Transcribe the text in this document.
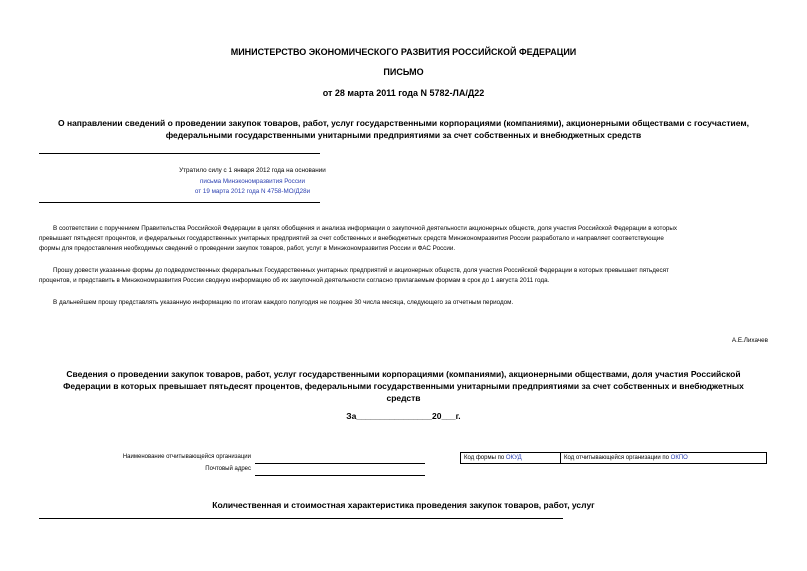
МИНИСТЕРСТВО ЭКОНОМИЧЕСКОГО РАЗВИТИЯ РОССИЙСКОЙ ФЕДЕРАЦИИ
ПИСЬМО
от 28 марта 2011 года N 5782-ЛА/Д22
О направлении сведений о проведении закупок товаров, работ, услуг государственными корпорациями (компаниями), акционерными обществами с госучастием,
федеральными государственными унитарными предприятиями за счет собственных и внебюджетных средств
Утратило силу с 1 января 2012 года на основании
письма Минэкономразвития России
от 19 марта 2012 года N 4758-МО/Д28и
В соответствии с поручением Правительства Российской Федерации в целях обобщения и анализа информации о закупочной деятельности акционерных обществ, доля участия Российской Федерации в которых
превышает пятьдесят процентов, и федеральных государственных унитарных предприятий за счет собственных и внебюджетных средств Минэкономразвития России разработало и направляет соответствующие
формы для предоставления необходимых сведений о проведении закупок товаров, работ, услуг в Минэкономразвития России и ФАС России.
Прошу довести указанные формы до подведомственных федеральных Государственных унитарных предприятий и акционерных обществ, доля участия Российской Федерации в которых превышает пятьдесят
процентов, и представить в Минэкономразвития России сводную информацию об их закупочной деятельности согласно прилагаемым формам в срок до 1 августа 2011 года.
В дальнейшем прошу представлять указанную информацию по итогам каждого полугодия не позднее 30 числа месяца, следующего за отчетным периодом.
А.Е.Лихачев
Сведения о проведении закупок товаров, работ, услуг государственными корпорациями (компаниями), акционерными обществами, доля участия Российской
Федерации в которых превышает пятьдесят процентов, федеральными государственными унитарными предприятиями за счет собственных и внебюджетных
средств
За________________20___г.
Наименование отчитывающейся организации
Почтовый адрес
Код формы по ОКУД	Код отчитывающейся организации по ОКПО
Количественная и стоимостная характеристика проведения закупок товаров, работ, услуг
